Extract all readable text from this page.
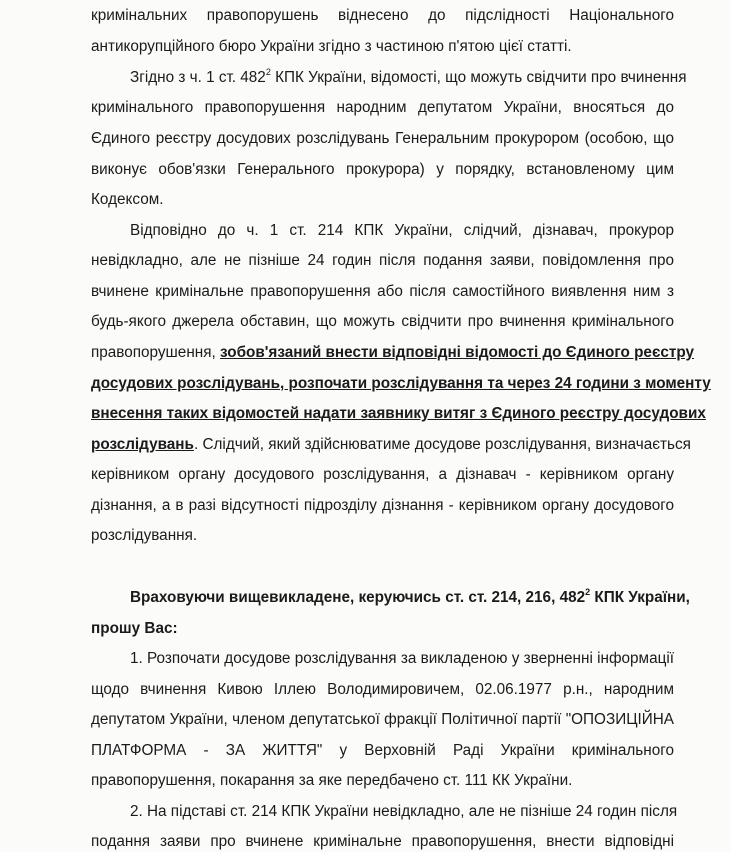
кримінальних правопорушень віднесено до підслідності Національного
антикорупційного бюро України згідно з частиною п'ятою цієї статті.
Згідно з ч. 1 ст. $482^2$ КПК України, відомості, що можуть свідчити про вчинення
кримінального правопорушення народним депутатом України, вносяться до
Єдиного реєстру досудових розслідувань Генеральним прокурором (особою, що
виконує обов'язки Генерального прокурора) у порядку, встановленому цим
Кодексом.
Відповідно до ч. 1 ст. 214 КПК України, слідчий, дізнавач, прокурор
невідкладно, але не пізніше 24 годин після подання заяви, повідомлення про
вчинене кримінальне правопорушення або після самостійного виявлення ним з
будь-якого джерела обставин, що можуть свідчити про вчинення кримінального
правопорушення, зобов'язаний внести відповідні відомості до Єдиного реєстру
досудових розслідувань, розпочати розслідування та через 24 години з моменту
внесення таких відомостей надати заявнику витяг з Єдиного реєстру досудових
розслідувань. Слідчий, який здійснюватиме досудове розслідування, визначається
керівником органу досудового розслідування, а дізнавач - керівником органу
дізнання, а в разі відсутності підрозділу дізнання - керівником органу досудового
розслідування.
Враховуючи вищевикладене, керуючись ст. ст. 214, 216, $482^2$ КПК України,
прошу Вас:
1. Розпочати досудове розслідування за викладеною у зверненні інформації
щодо вчинення Кивою Іллею Володимировичем, 02.06.1977 р.н., народним
депутатом України, членом депутатської фракції Політичної партії "ОПОЗИЦІЙНА
ПЛАТФОРМА - ЗА ЖИТТЯ" у Верховній Раді України кримінального
правопорушення, покарання за яке передбачено ст. 111 КК України.
2. На підставі ст. 214 КПК України невідкладно, але не пізніше 24 годин після
подання заяви про вчинене кримінальне правопорушення, внести відповідні
